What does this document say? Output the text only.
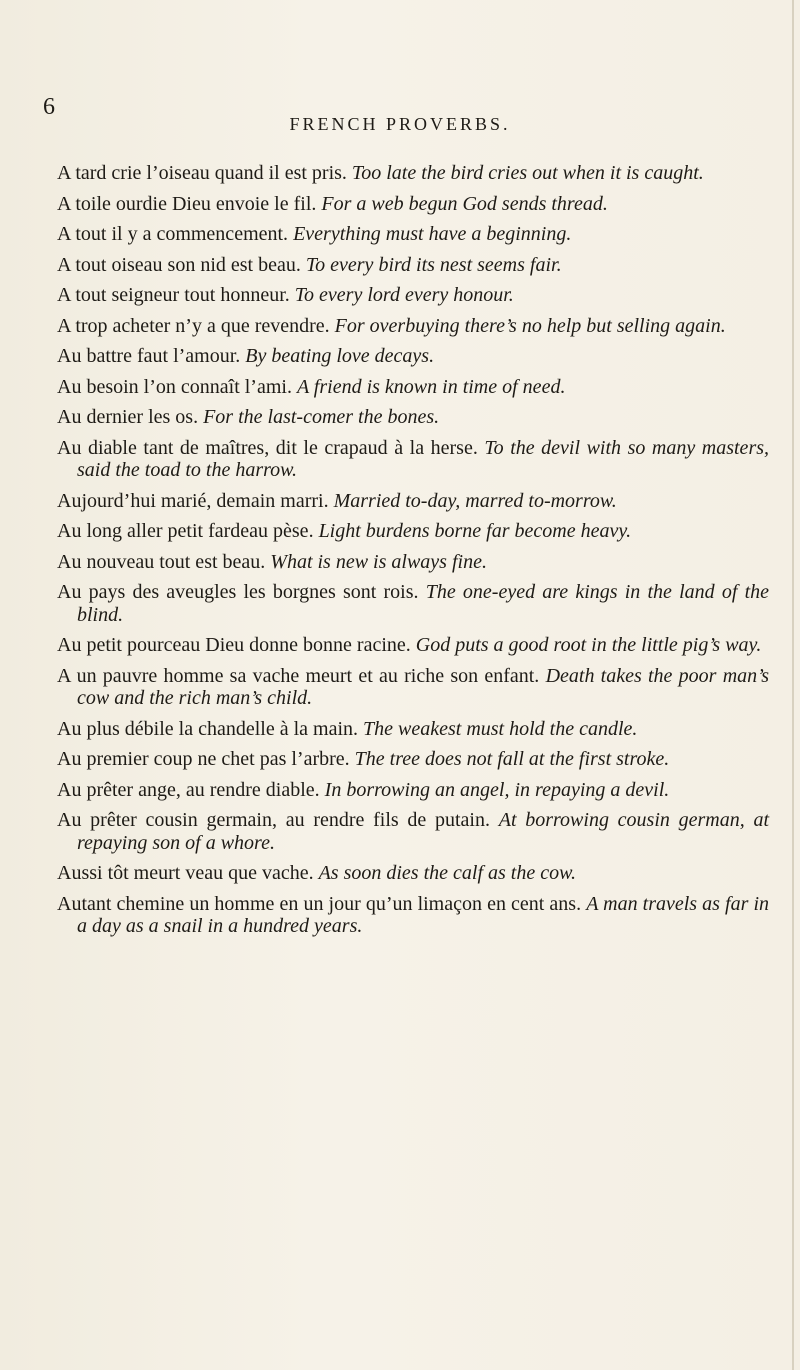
6
FRENCH PROVERBS.
A tard crie l’oiseau quand il est pris. Too late the bird cries out when it is caught.
A toile ourdie Dieu envoie le fil. For a web begun God sends thread.
A tout il y a commencement. Everything must have a beginning.
A tout oiseau son nid est beau. To every bird its nest seems fair.
A tout seigneur tout honneur. To every lord every honour.
A trop acheter n’y a que revendre. For overbuying there’s no help but selling again.
Au battre faut l’amour. By beating love decays.
Au besoin l’on connaît l’ami. A friend is known in time of need.
Au dernier les os. For the last-comer the bones.
Au diable tant de maîtres, dit le crapaud à la herse. To the devil with so many masters, said the toad to the harrow.
Aujourd’hui marié, demain marri. Married to-day, marred to-morrow.
Au long aller petit fardeau pèse. Light burdens borne far become heavy.
Au nouveau tout est beau. What is new is always fine.
Au pays des aveugles les borgnes sont rois. The one-eyed are kings in the land of the blind.
Au petit pourceau Dieu donne bonne racine. God puts a good root in the little pig’s way.
A un pauvre homme sa vache meurt et au riche son enfant. Death takes the poor man’s cow and the rich man’s child.
Au plus débile la chandelle à la main. The weakest must hold the candle.
Au premier coup ne chet pas l’arbre. The tree does not fall at the first stroke.
Au prêter ange, au rendre diable. In borrowing an angel, in repaying a devil.
Au prêter cousin germain, au rendre fils de putain. At borrowing cousin german, at repaying son of a whore.
Aussi tôt meurt veau que vache. As soon dies the calf as the cow.
Autant chemine un homme en un jour qu’un limaçon en cent ans. A man travels as far in a day as a snail in a hundred years.
